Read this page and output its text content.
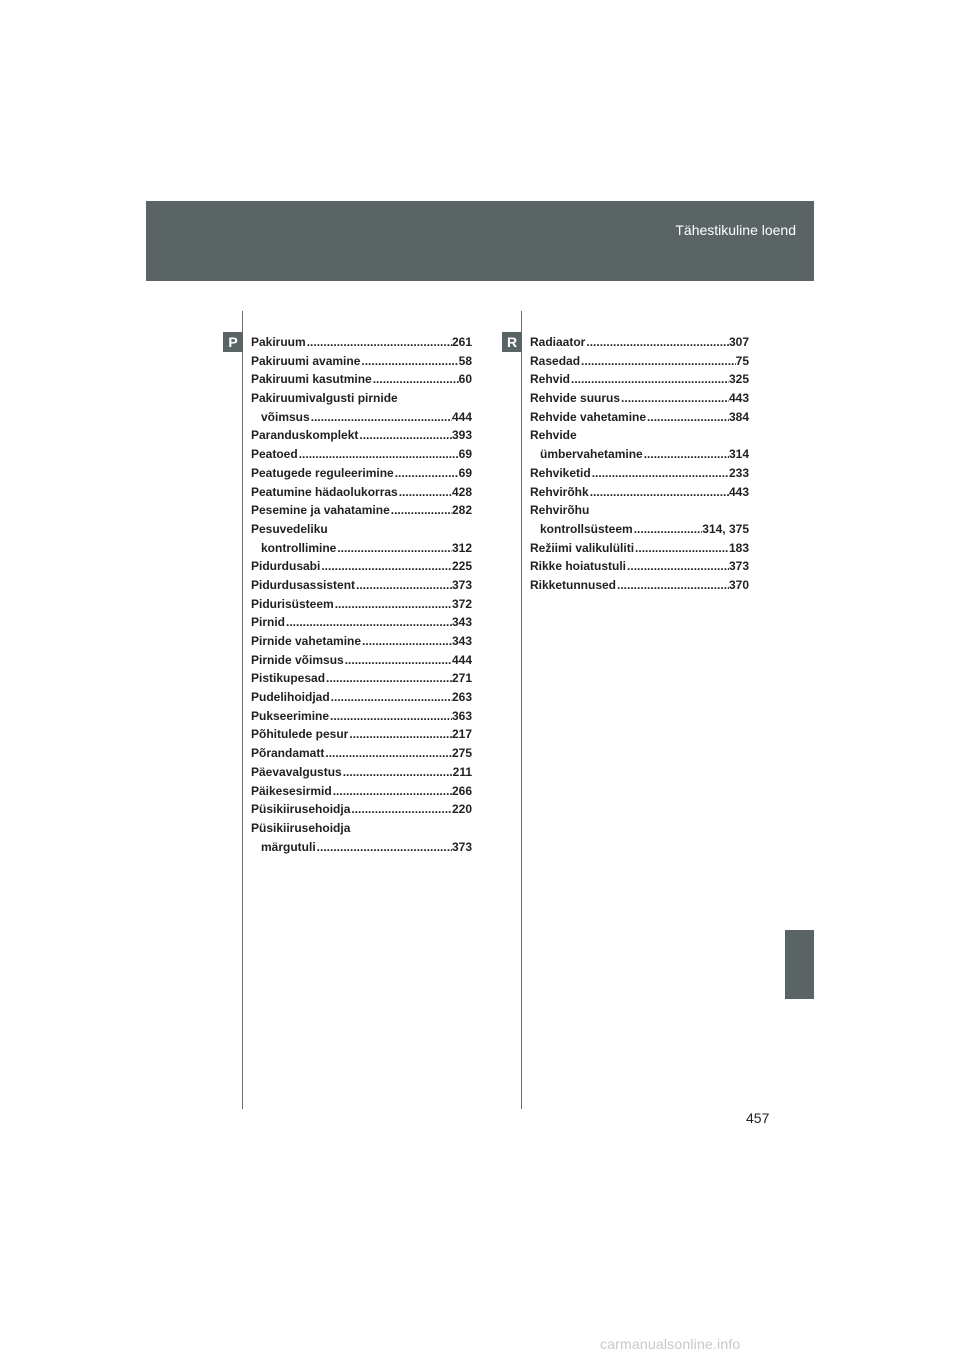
Tähestikuline loend
P	R
Pakiruum .....	261
Pakiruumi avamine .....	58
Pakiruumi kasutmine .....	60
Pakiruumivalgusti pirnide
võimsus .....	444
Paranduskomplekt .....	393
Peatoed .....	69
Peatugede reguleerimine .....	69
Peatumine hädaolukorras .....	428
Pesemine ja vahatamine .....	282
Pesuvedeliku
kontrollimine .....	312
Pidurdusabi .....	225
Pidurdusassistent .....	373
Pidurisüsteem .....	372
Pirnid .....	343
Pirnide vahetamine .....	343
Pirnide võimsus .....	444
Pistikupesad .....	271
Pudelihoidjad .....	263
Pukseerimine .....	363
Põhitulede pesur .....	217
Põrandamatt .....	275
Päevavalgustus .....	211
Päikesesirmid .....	266
Püsikiirusehoidja .....	220
Püsikiirusehoidja
märgutuli .....	373
Radiaator .....	307
Rasedad .....	75
Rehvid .....	325
Rehvide suurus .....	443
Rehvide vahetamine .....	384
Rehvide
ümbervahetamine .....	314
Rehviketid .....	233
Rehvirõhk .....	443
Rehvirõhu
kontrollsüsteem .....	314, 375
Režiimi valikulüliti .....	183
Rikke hoiatustuli .....	373
Rikketunnused .....	370
457
carmanualsonline.info
